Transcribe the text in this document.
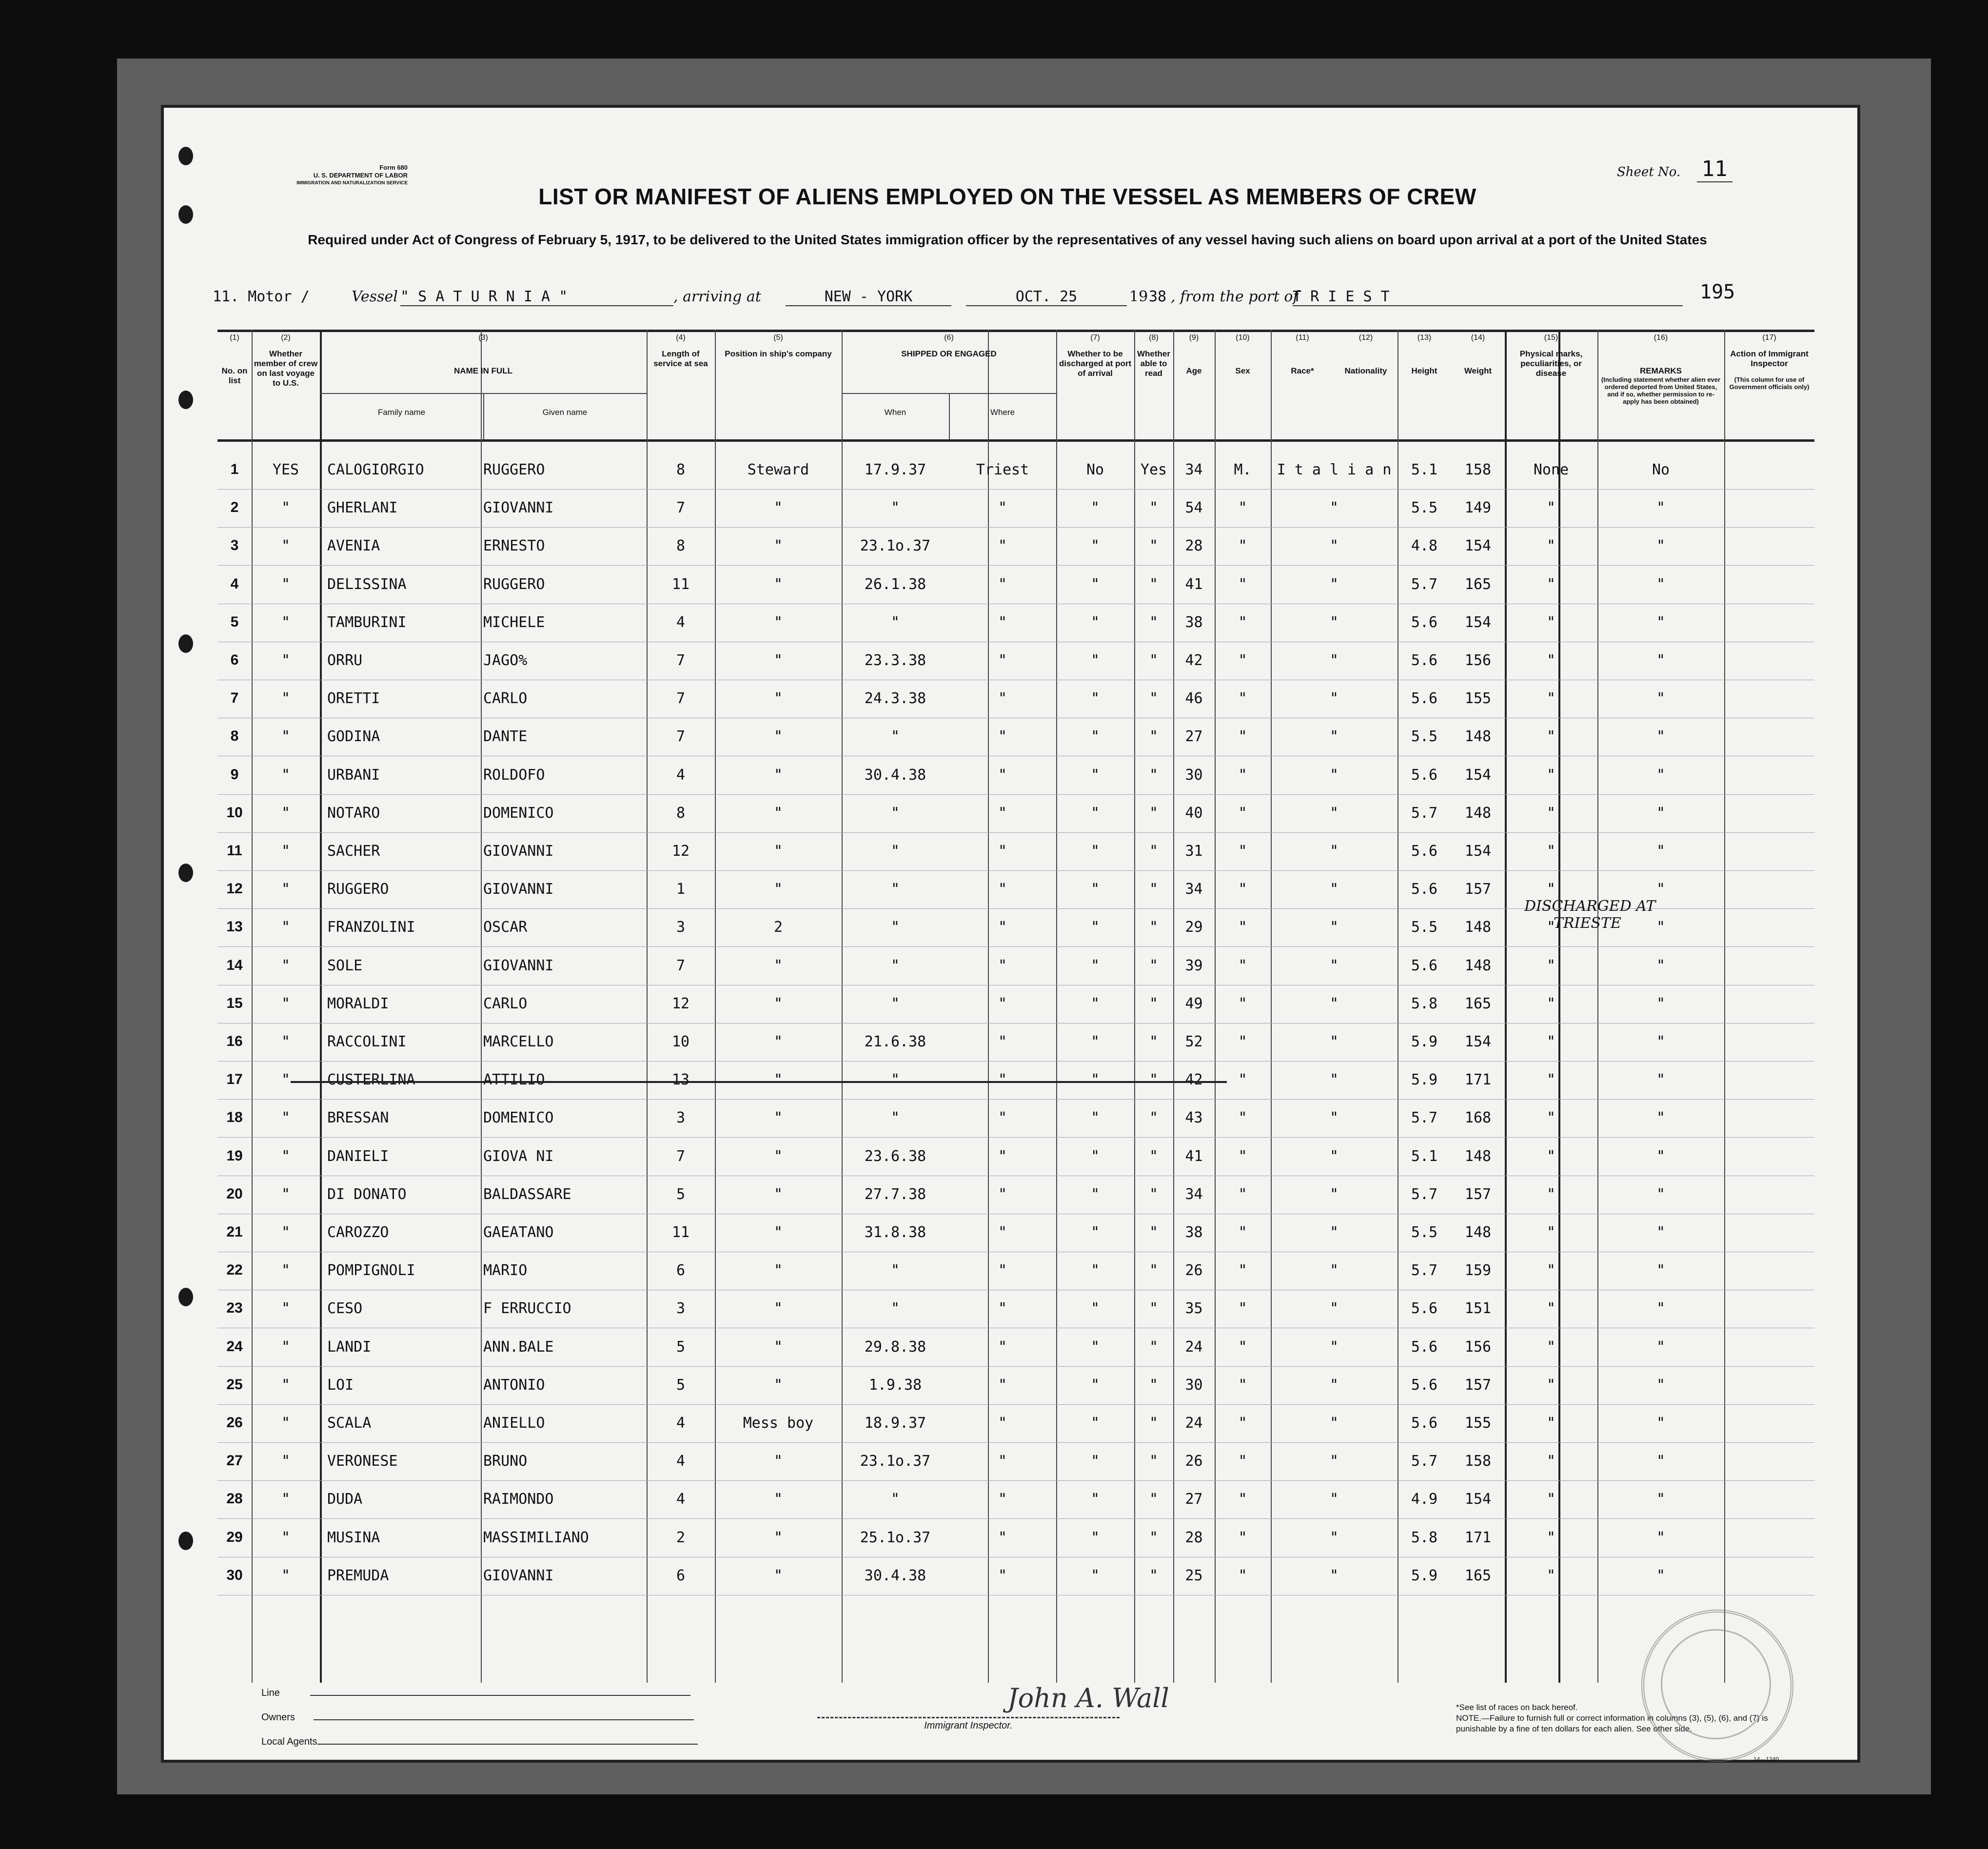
Form 680
U. S. DEPARTMENT OF LABOR
IMMIGRATION AND NATURALIZATION SERVICE
Sheet No. 11
LIST OR MANIFEST OF ALIENS EMPLOYED ON THE VESSEL AS MEMBERS OF CREW
Required under Act of Congress of February 5, 1917, to be delivered to the United States immigration officer by the representatives of any vessel having such aliens on board upon arrival at a port of the United States
11. Motor /	Vessel " S A T U R N I A "	, arriving at	NEW - YORK	OCT. 25	19 38 , from the port of
T R I E S T	195
(1)
No. on list
(2)
Whether member of crew on last voyage to U.S.
(3)
NAME IN FULL
Family name	Given name
(4)
Length of service at sea
(5)
Position in ship's company
(6)
SHIPPED OR ENGAGED
When	Where
(7)
Whether to be discharged at port of arrival
(8)
Whether able to read
(9)
Age
(10)
Sex
(11)
Race*
(12)
Nationality
(13)
Height
(14)
Weight
(15)
Physical marks, peculiarities, or disease
(16)
REMARKS
(Including statement whether alien ever ordered deported from United States, and if so, whether permission to re-apply has been obtained)
(17)
Action of Immigrant Inspector
(This column for use of Government officials only)
1	YES	CALOGIORGIO	RUGGERO	8	Steward	17.9.37	Triest	No	Yes	34	M.	I t a l i a n	5.1	158	None	No
2	"	GHERLANI	GIOVANNI	7	"	"	"	"	"	54	"	"	5.5	149	"	"
3	"	AVENIA	ERNESTO	8	"	23.1o.37	"	"	"	28	"	"	4.8	154	"	"
4	"	DELISSINA	RUGGERO	11	"	26.1.38	"	"	"	41	"	"	5.7	165	"	"
5	"	TAMBURINI	MICHELE	4	"	"	"	"	"	38	"	"	5.6	154	"	"
6	"	ORRU	JAGO%	7	"	23.3.38	"	"	"	42	"	"	5.6	156	"	"
7	"	ORETTI	CARLO	7	"	24.3.38	"	"	"	46	"	"	5.6	155	"	"
8	"	GODINA	DANTE	7	"	"	"	"	"	27	"	"	5.5	148	"	"
9	"	URBANI	ROLDOFO	4	"	30.4.38	"	"	"	30	"	"	5.6	154	"	"
10	"	NOTARO	DOMENICO	8	"	"	"	"	"	40	"	"	5.7	148	"	"
11	"	SACHER	GIOVANNI	12	"	"	"	"	"	31	"	"	5.6	154	"	"
12	"	RUGGERO	GIOVANNI	1	"	"	"	"	"	34	"	"	5.6	157	"	"
13	"	FRANZOLINI	OSCAR	3	2	"	"	"	"	29	"	"	5.5	148	"	"
14	"	SOLE	GIOVANNI	7	"	"	"	"	"	39	"	"	5.6	148	"	"
15	"	MORALDI	CARLO	12	"	"	"	"	"	49	"	"	5.8	165	"	"
16	"	RACCOLINI	MARCELLO	10	"	21.6.38	"	"	"	52	"	"	5.9	154	"	"
17	"	CUSTERLINA	ATTILIO	13	"	"	"	"	"	42	"	"	5.9	171	"	"
18	"	BRESSAN	DOMENICO	3	"	"	"	"	"	43	"	"	5.7	168	"	"
19	"	DANIELI	GIOVA NI	7	"	23.6.38	"	"	"	41	"	"	5.1	148	"	"
20	"	DI DONATO	BALDASSARE	5	"	27.7.38	"	"	"	34	"	"	5.7	157	"	"
21	"	CAROZZO	GAEATANO	11	"	31.8.38	"	"	"	38	"	"	5.5	148	"	"
22	"	POMPIGNOLI	MARIO	6	"	"	"	"	"	26	"	"	5.7	159	"	"
23	"	CESO	F ERRUCCIO	3	"	"	"	"	"	35	"	"	5.6	151	"	"
24	"	LANDI	ANN.BALE	5	"	29.8.38	"	"	"	24	"	"	5.6	156	"	"
25	"	LOI	ANTONIO	5	"	1.9.38	"	"	"	30	"	"	5.6	157	"	"
26	"	SCALA	ANIELLO	4	Mess boy	18.9.37	"	"	"	24	"	"	5.6	155	"	"
27	"	VERONESE	BRUNO	4	"	23.1o.37	"	"	"	26	"	"	5.7	158	"	"
28	"	DUDA	RAIMONDO	4	"	"	"	"	"	27	"	"	4.9	154	"	"
29	"	MUSINA	MASSIMILIANO	2	"	25.1o.37	"	"	"	28	"	"	5.8	171	"	"
30	"	PREMUDA	GIOVANNI	6	"	30.4.38	"	"	"	25	"	"	5.9	165	"	"
DISCHARGED AT
TRIESTE
Line
Owners
Local Agents
John A. Wall
Immigrant Inspector.
*See list of races on back hereof.
NOTE.—Failure to furnish full or correct information in columns (3), (5), (6), and (7) is punishable by a fine of ten dollars for each alien. See other side.
14—1240
